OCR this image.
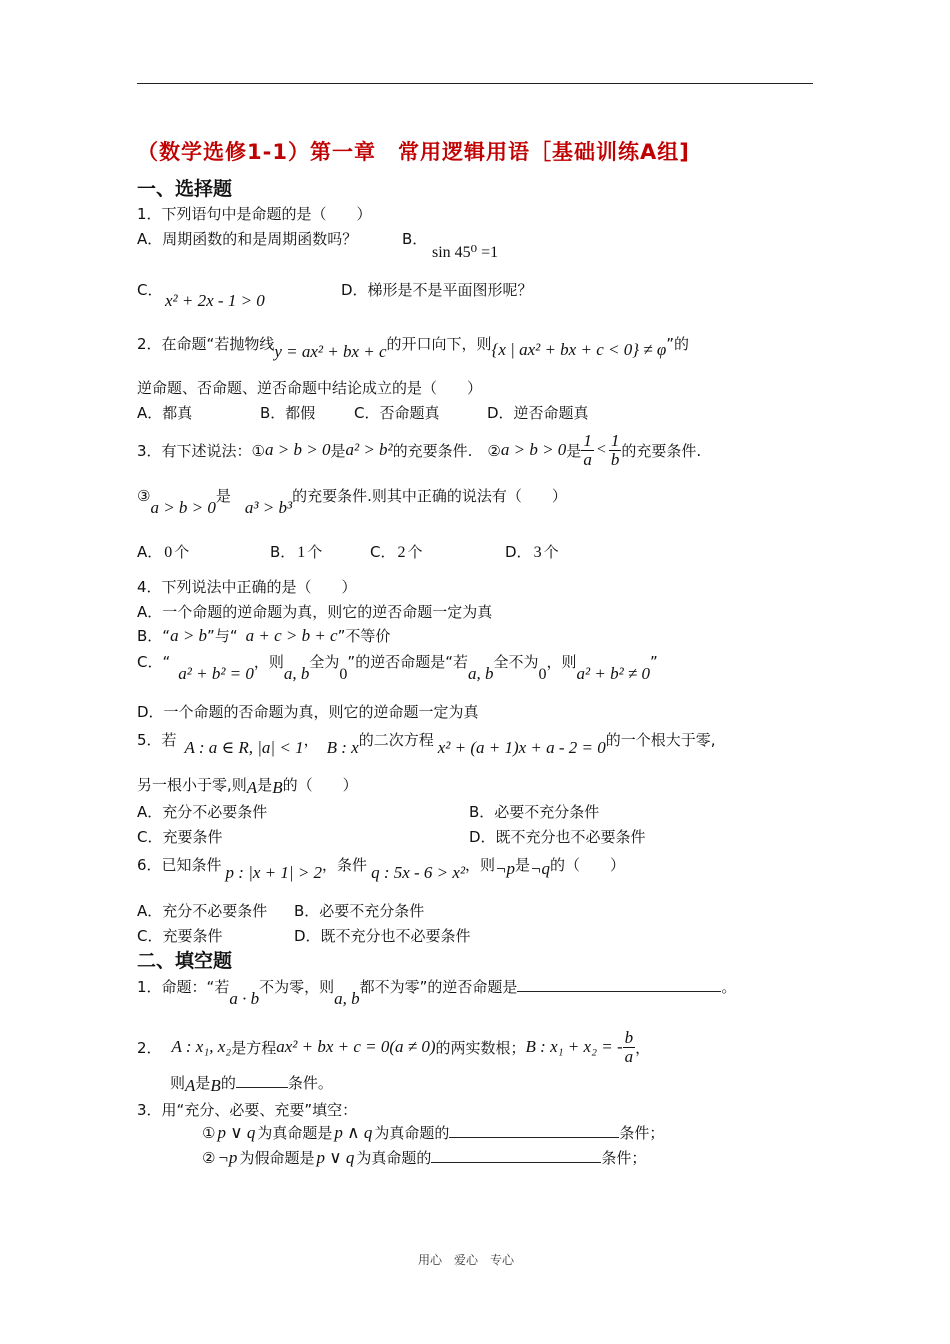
（数学选修1-1）第一章　常用逻辑用语［基础训练A组]
一、选择题
1．下列语句中是命题的是（　　）
A．周期函数的和是周期函数吗？	B．
sin 45⁰ =1
C．
x² + 2x - 1 > 0
D．梯形是不是平面图形呢？
2．在命题“若抛物线y = ax² + bx + c的开口向下，则{x | ax² + bx + c < 0} ≠ φ”的
逆命题、否命题、逆否命题中结论成立的是（　　）
A．都真	B．都假	C．否命题真	D．逆否命题真
3．有下述说法：① a > b > 0 是 a² > b² 的充要条件.　② a > b > 0 是 $\frac{1}{a} < \frac{1}{b}$ 的充要条件.
③a > b > 0是a³ > b³的充要条件.则其中正确的说法有（　　）
A． 0 个	B． 1 个	C． 2 个	D． 3 个
4．下列说法中正确的是（　　）
A．一个命题的逆命题为真，则它的逆否命题一定为真
B．“a > b”与“ a + c > b + c”不等价
C．“a² + b² = 0，则a, b全为0”的逆否命题是“若a, b全不为0，则a² + b² ≠ 0”
D．一个命题的否命题为真，则它的逆命题一定为真
5．若 A : a ∈ R, |a| < 1， B : x的二次方程 x² + (a + 1)x + a - 2 = 0的一个根大于零,
另一根小于零,则A是B的（　　）
A．充分不必要条件	B．必要不充分条件
C．充要条件	D．既不充分也不必要条件
6．已知条件 p : |x + 1| > 2，条件 q : 5x - 6 > x²，则¬p是¬q的（　　）
A．充分不必要条件 B．必要不充分条件
C．充要条件	D．既不充分也不必要条件
二、填空题
1．命题：“若a · b不为零，则a, b都不为零”的逆否命题是	。
2． A : x₁, x₂ 是方程 ax² + bx + c = 0(a ≠ 0) 的两实数根； B : x₁ + x₂ = - $\frac{b}{a}$ ，
则A是B的	条件。
3．用“充分、必要、充要”填空：
① p ∨ q 为真命题是 p ∧ q 为真命题的	条件；
② ¬p 为假命题是 p ∨ q 为真命题的	条件；
用心　爱心　专心
